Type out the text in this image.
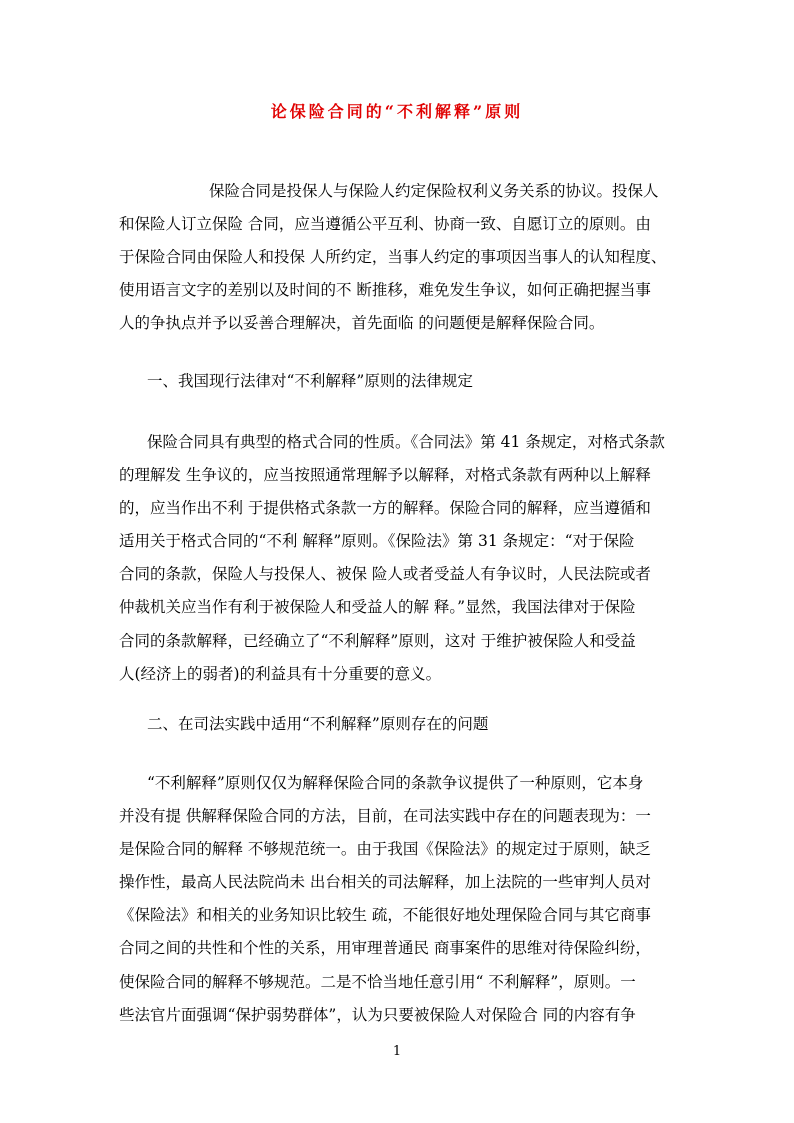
论保险合同的“不利解释”原则
保险合同是投保人与保险人约定保险权利义务关系的协议。投保人
和保险人订立保险 合同，应当遵循公平互利、协商一致、自愿订立的原则。由
于保险合同由保险人和投保 人所约定，当事人约定的事项因当事人的认知程度、
使用语言文字的差别以及时间的不 断推移，难免发生争议，如何正确把握当事
人的争执点并予以妥善合理解决，首先面临 的问题便是解释保险合同。
一、我国现行法律对“不利解释”原则的法律规定
保险合同具有典型的格式合同的性质。《合同法》第 41 条规定，对格式条款
的理解发 生争议的，应当按照通常理解予以解释，对格式条款有两种以上解释
的，应当作出不利 于提供格式条款一方的解释。保险合同的解释，应当遵循和
适用关于格式合同的“不利 解释”原则。《保险法》第 31 条规定：“对于保险
合同的条款，保险人与投保人、被保 险人或者受益人有争议时，人民法院或者
仲裁机关应当作有利于被保险人和受益人的解 释。”显然，我国法律对于保险
合同的条款解释，已经确立了“不利解释”原则，这对 于维护被保险人和受益
人(经济上的弱者)的利益具有十分重要的意义。
二、在司法实践中适用“不利解释”原则存在的问题
“不利解释”原则仅仅为解释保险合同的条款争议提供了一种原则，它本身
并没有提 供解释保险合同的方法，目前，在司法实践中存在的问题表现为：一
是保险合同的解释 不够规范统一。由于我国《保险法》的规定过于原则，缺乏
操作性，最高人民法院尚未 出台相关的司法解释，加上法院的一些审判人员对
《保险法》和相关的业务知识比较生 疏，不能很好地处理保险合同与其它商事
合同之间的共性和个性的关系，用审理普通民 商事案件的思维对待保险纠纷，
使保险合同的解释不够规范。二是不恰当地任意引用“ 不利解释”，原则。一
些法官片面强调“保护弱势群体”，认为只要被保险人对保险合 同的内容有争
1
